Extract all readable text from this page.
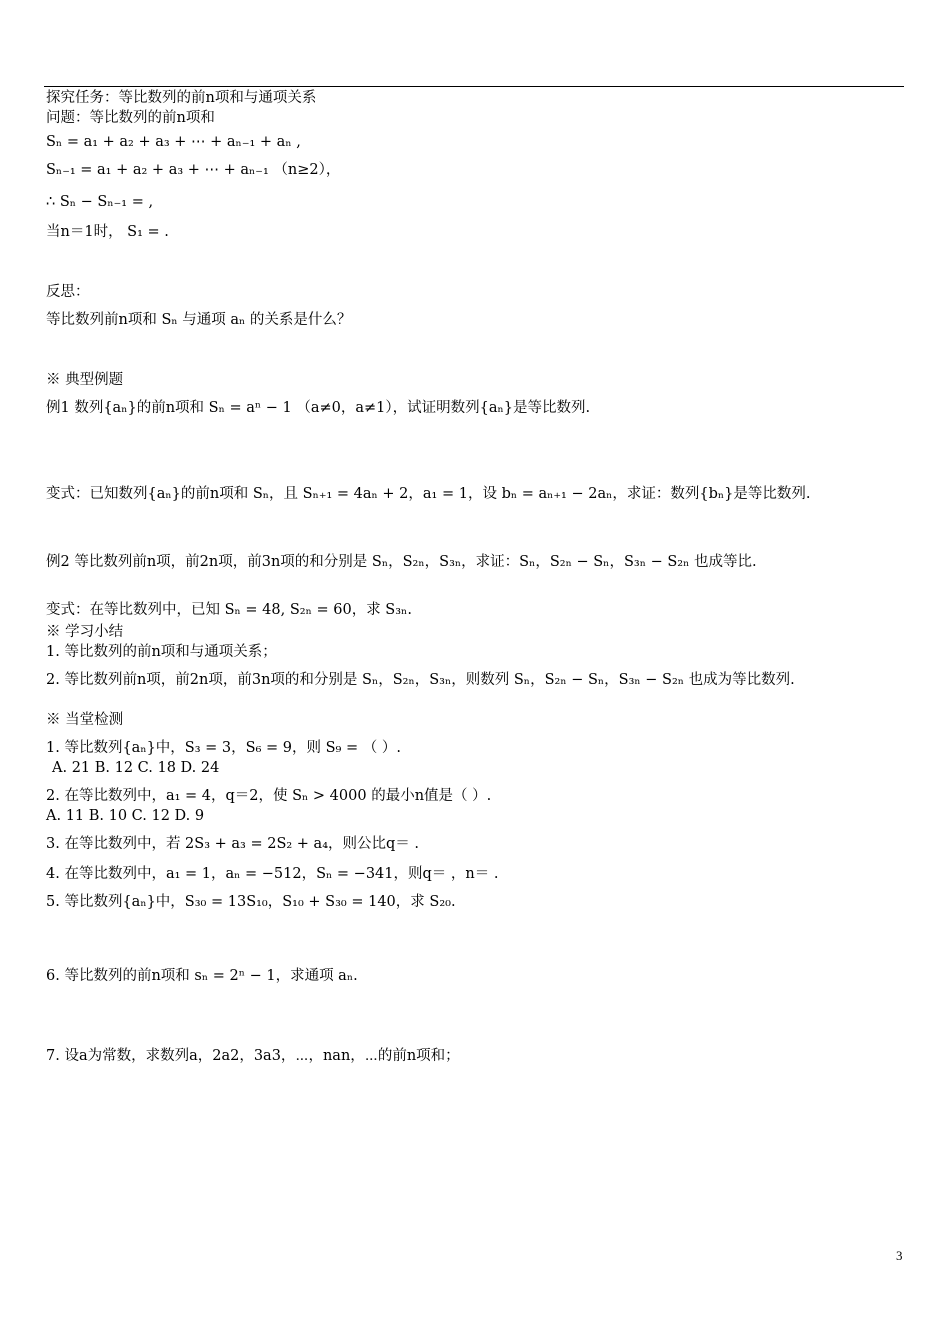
探究任务：等比数列的前n项和与通项关系
问题：等比数列的前n项和
Sₙ = a₁ + a₂ + a₃ + ⋯ + aₙ₋₁ + aₙ ,
Sₙ₋₁ = a₁ + a₂ + a₃ + ⋯ + aₙ₋₁ （n≥2），
∴ Sₙ − Sₙ₋₁ = ,
当n＝1时， S₁ = .
反思：
等比数列前n项和 Sₙ 与通项 aₙ 的关系是什么？
※ 典型例题
例1 数列{aₙ}的前n项和 Sₙ = aⁿ − 1 （a≠0，a≠1），试证明数列{aₙ}是等比数列.
变式：已知数列{aₙ}的前n项和 Sₙ，且 Sₙ₊₁ = 4aₙ + 2，a₁ = 1，设 bₙ = aₙ₊₁ − 2aₙ，求证：数列{bₙ}是等比数列.
例2 等比数列前n项，前2n项，前3n项的和分别是 Sₙ，S₂ₙ，S₃ₙ，求证：Sₙ，S₂ₙ − Sₙ，S₃ₙ − S₂ₙ 也成等比.
变式：在等比数列中，已知 Sₙ = 48, S₂ₙ = 60，求 S₃ₙ.
※ 学习小结
1. 等比数列的前n项和与通项关系；
2. 等比数列前n项，前2n项，前3n项的和分别是 Sₙ，S₂ₙ，S₃ₙ，则数列 Sₙ，S₂ₙ − Sₙ，S₃ₙ − S₂ₙ 也成为等比数列.
※ 当堂检测
1. 等比数列{aₙ}中，S₃ = 3，S₆ = 9，则 S₉ = （ ）.
A. 21 B. 12 C. 18 D. 24
2. 在等比数列中，a₁ = 4，q＝2，使 Sₙ > 4000 的最小n值是（ ）.
A. 11 B. 10 C. 12 D. 9
3. 在等比数列中，若 2S₃ + a₃ = 2S₂ + a₄，则公比q＝ .
4. 在等比数列中，a₁ = 1，aₙ = −512，Sₙ = −341，则q＝ ，n＝ .
5. 等比数列{aₙ}中，S₃₀ = 13S₁₀，S₁₀ + S₃₀ = 140，求 S₂₀.
6. 等比数列的前n项和 sₙ = 2ⁿ − 1，求通项 aₙ.
7. 设a为常数，求数列a，2a2，3a3，⋯，nan，⋯的前n项和；
3
